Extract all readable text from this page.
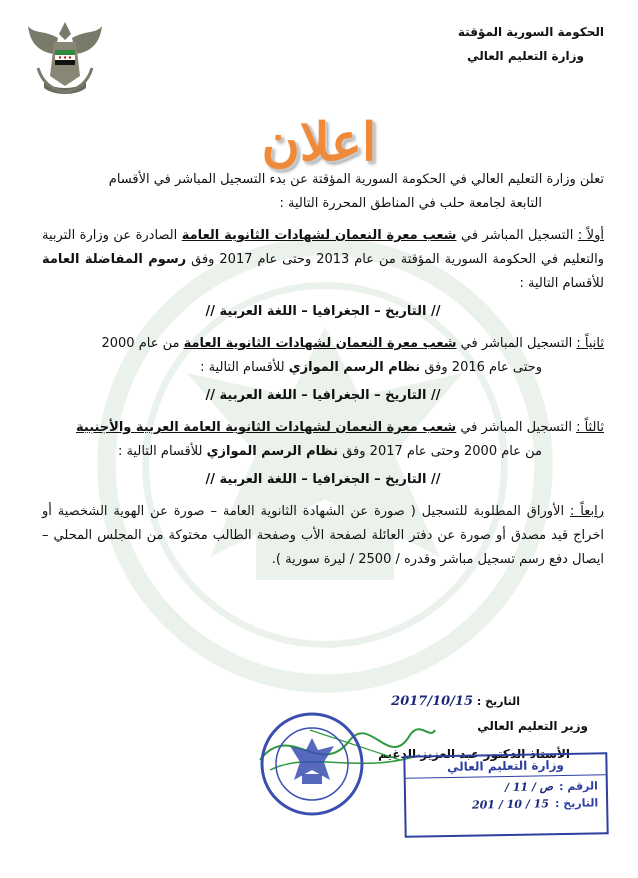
الحكومة السورية المؤقتة
وزارة التعليم العالي
اعلان

تعلن وزارة التعليم العالي في الحكومة السورية المؤقتة عن بدء التسجيل المباشر في الأقسام

التابعة لجامعة حلب في المناطق المحررة التالية :

أولاً : التسجيل المباشر في شعب معرة النعمان لشهادات الثانوية العامة الصادرة عن وزارة التربية والتعليم في الحكومة السورية المؤقتة من عام 2013 وحتى عام 2017 وفق رسوم المفاضلة العامة للأقسام التالية :

// التاريخ – الجغرافيا – اللغة العربية //

ثانياً : التسجيل المباشر في شعب معرة النعمان لشهادات الثانوية العامة من عام 2000

وحتى عام 2016 وفق نظام الرسم الموازي للأقسام التالية :

// التاريخ – الجغرافيا – اللغة العربية //

ثالثاً : التسجيل المباشر في شعب معرة النعمان لشهادات الثانوية العامة العربية والأجنبية

من عام 2000 وحتى عام 2017 وفق نظام الرسم الموازي للأقسام التالية :

// التاريخ – الجغرافيا – اللغة العربية //

رابعاً : الأوراق المطلوبة للتسجيل ( صورة عن الشهادة الثانوية العامة – صورة عن الهوية الشخصية أو اخراج قيد مصدق أو صورة عن دفتر العائلة لصفحة الأب وصفحة الطالب مختوكة من المجلس المحلي – ايصال دفع رسم تسجيل مباشر وقدره / 2500 / ليرة سورية ).

التاريخ : 2017/10/15
وزير التعليم العالي
الأستاذ الدكتور عبد العزيز الدغيم
وزارة التعليم العالي
الرقم :ص / 11 /
التاريخ :15 / 10 / 201
